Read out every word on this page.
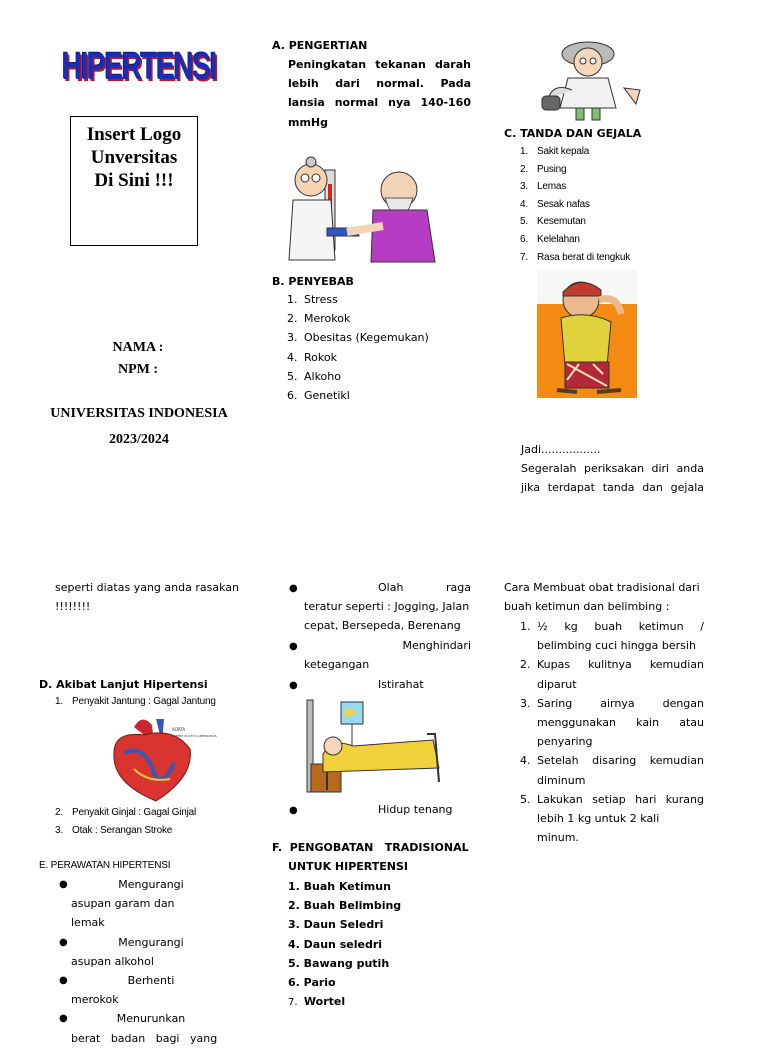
HIPERTENSI
Insert Logo
Unversitas
Di Sini !!!
NAMA :
NPM :
UNIVERSITAS INDONESIA
2023/2024
A. PENGERTIAN
Peningkatan tekanan darah
lebih dari normal. Pada
lansia normal nya 140-160
mmHg
B. PENYEBAB
1. Stress
2. Merokok
3. Obesitas (Kegemukan)
4. Rokok
5. Alkoho
6. Genetikl
C. TANDA DAN GEJALA
1. Sakit kepala
2. Pusing
3. Lemas
4. Sesak nafas
5. Kesemutan
6. Kelelahan
7. Rasa berat di tengkuk
Jadi.................
Segeralah periksakan diri anda
jika terdapat tanda dan gejala
seperti diatas yang anda rasakan
!!!!!!!!
D. Akibat Lanjut Hipertensi
1. Penyakit Jantung : Gagal Jantung
AORTA
PATENT DUCTUS ARTERIOSUS
2. Penyakit Ginjal : Gagal Ginjal
3. Otak : Serangan Stroke
E. PERAWATAN HIPERTENSI
●	Mengurangi
asupan garam dan lemak
●	Mengurangi
asupan alkohol
●	Berhenti
merokok
●	Menurunkan
berat   badan   bagi   yang
●	Olah	raga
teratur seperti : Jogging, Jalan
cepat, Bersepeda, Berenang
●	Menghindari
ketegangan
●	Istirahat
●	Hidup tenang
F.  PENGOBATAN   TRADISIONAL
UNTUK HIPERTENSI
1. Buah Ketimun
2. Buah Belimbing
3. Daun Seledri
4. Daun seledri
5. Bawang putih
6. Pario
7.  Wortel
Cara Membuat obat tradisional dari
buah ketimun dan belimbing :
1. ½ kg buah ketimun /
belimbing cuci hingga bersih
2. Kupas kulitnya kemudian
diparut
3. Saring airnya dengan
menggunakan kain atau
penyaring
4. Setelah disaring kemudian
diminum
5. Lakukan setiap hari kurang
lebih 1 kg untuk 2 kali minum.
